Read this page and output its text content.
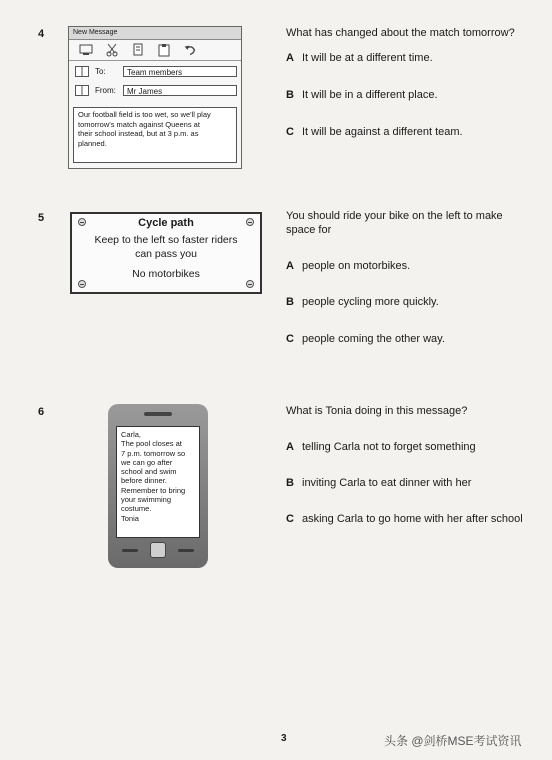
4	New Message
To:	Team members
From:	Mr James
Our football field is too wet, so we'll play
tomorrow's match against Queens at
their school instead, but at 3 p.m. as
planned.
What has changed about the match tomorrow?
A It will be at a different time.
B It will be in a different place.
C It will be against a different team.
5	Cycle path
Keep to the left so faster riders
can pass you
No motorbikes
You should ride your bike on the left to make
space for
A people on motorbikes.
B people cycling more quickly.
C people coming the other way.
6
Carla,
The pool closes at
7 p.m. tomorrow so
we can go after
school and swim
before dinner.
Remember to bring
your swimming
costume.
Tonia
What is Tonia doing in this message?
A telling Carla not to forget something
B inviting Carla to eat dinner with her
C asking Carla to go home with her after school
3	头条 @剑桥MSE考试资讯
